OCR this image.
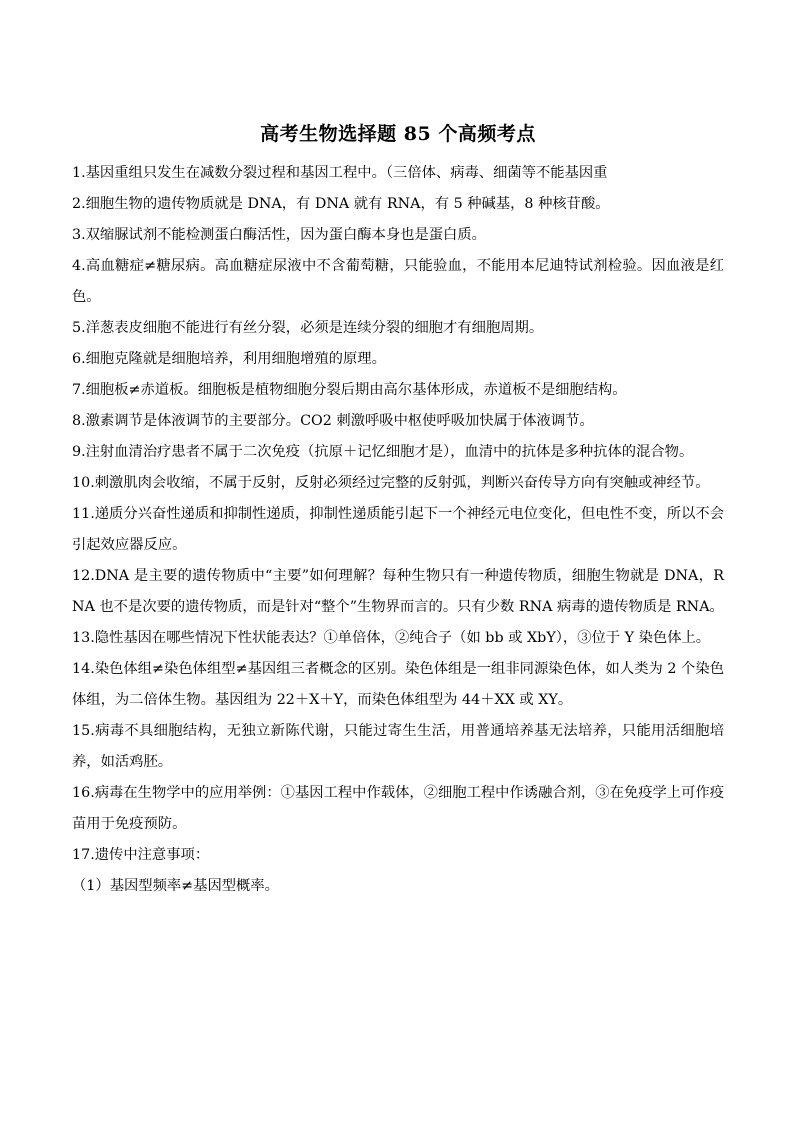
高考生物选择题 85 个高频考点

1.基因重组只发生在减数分裂过程和基因工程中。（三倍体、病毒、细菌等不能基因重

2.细胞生物的遗传物质就是 DNA，有 DNA 就有 RNA，有 5 种碱基，8 种核苷酸。

3.双缩脲试剂不能检测蛋白酶活性，因为蛋白酶本身也是蛋白质。

4.高血糖症≠糖尿病。高血糖症尿液中不含葡萄糖，只能验血，不能用本尼迪特试剂检验。因血液是红色。

5.洋葱表皮细胞不能进行有丝分裂，必须是连续分裂的细胞才有细胞周期。

6.细胞克隆就是细胞培养，利用细胞增殖的原理。

7.细胞板≠赤道板。细胞板是植物细胞分裂后期由高尔基体形成，赤道板不是细胞结构。

8.激素调节是体液调节的主要部分。CO2 刺激呼吸中枢使呼吸加快属于体液调节。

9.注射血清治疗患者不属于二次免疫（抗原＋记忆细胞才是），血清中的抗体是多种抗体的混合物。

10.刺激肌肉会收缩，不属于反射，反射必须经过完整的反射弧，判断兴奋传导方向有突触或神经节。

11.递质分兴奋性递质和抑制性递质，抑制性递质能引起下一个神经元电位变化，但电性不变，所以不会引起效应器反应。

12.DNA 是主要的遗传物质中“主要”如何理解？每种生物只有一种遗传物质，细胞生物就是 DNA，RNA 也不是次要的遗传物质，而是针对“整个”生物界而言的。只有少数 RNA 病毒的遗传物质是 RNA。

13.隐性基因在哪些情况下性状能表达？①单倍体，②纯合子（如 bb 或 XbY），③位于 Y 染色体上。

14.染色体组≠染色体组型≠基因组三者概念的区别。染色体组是一组非同源染色体，如人类为 2 个染色体组，为二倍体生物。基因组为 22＋X＋Y，而染色体组型为 44＋XX 或 XY。

15.病毒不具细胞结构，无独立新陈代谢，只能过寄生生活，用普通培养基无法培养，只能用活细胞培养，如活鸡胚。

16.病毒在生物学中的应用举例：①基因工程中作载体，②细胞工程中作诱融合剂，③在免疫学上可作疫苗用于免疫预防。

17.遗传中注意事项：

（1）基因型频率≠基因型概率。
